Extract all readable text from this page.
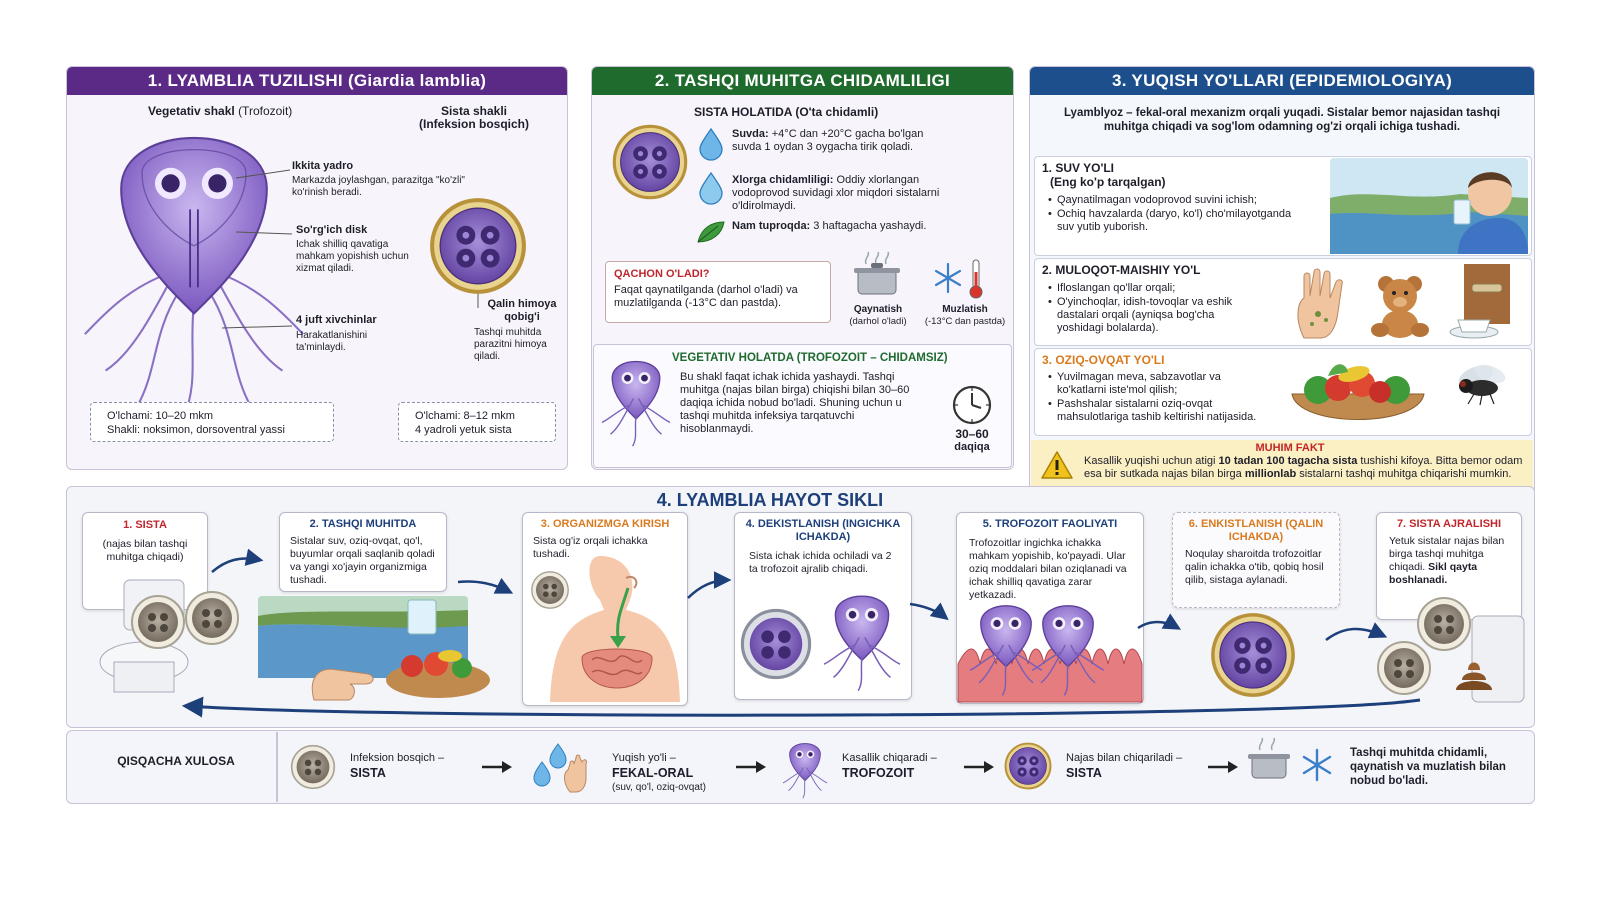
1. LYAMBLIA TUZILISHI (Giardia lamblia)
Vegetativ shakl (Trofozoit)	Sista shakli
(Infeksion bosqich)
Ikkita yadro
Markazda joylashgan, parazitga "ko'zli" ko'rinish beradi.
So'rg'ich disk
Ichak shilliq qavatiga mahkam yopishish uchun xizmat qiladi.
4 juft xivchinlar
Harakatlanishini ta'minlaydi.
Qalin himoya qobig'i
Tashqi muhitda parazitni himoya qiladi.
O'lchami: 10–20 mkm
Shakli: noksimon, dorsoventral yassi
O'lchami: 8–12 mkm
4 yadroli yetuk sista
2. TASHQI MUHITGA CHIDAMLILIGI
SISTA HOLATIDA (O'ta chidamli)
Suvda: +4°C dan +20°C gacha bo'lgan suvda 1 oydan 3 oygacha tirik qoladi.
Xlorga chidamliligi: Oddiy xlorlangan vodoprovod suvidagi xlor miqdori sistalarni o'ldirolmaydi.
Nam tuproqda: 3 haftagacha yashaydi.
QACHON O'LADI?
Faqat qaynatilganda (darhol o'ladi) va muzlatilganda (-13°C dan pastda).
Qaynatish
(darhol o'ladi)
Muzlatish
(-13°C dan pastda)
VEGETATIV HOLATDA (TROFOZOIT – CHIDAMSIZ)
Bu shakl faqat ichak ichida yashaydi. Tashqi muhitga (najas bilan birga) chiqishi bilan 30–60 daqiqa ichida nobud bo'ladi. Shuning uchun u tashqi muhitda infeksiya tarqatuvchi hisoblanmaydi.	30–60
daqiqa
3. YUQISH YO'LLARI (EPIDEMIOLOGIYA)
Lyamblyoz – fekal-oral mexanizm orqali yuqadi. Sistalar bemor najasidan tashqi muhitga chiqadi va sog'lom odamning og'zi orqali ichiga tushadi.
1. SUV YO'LI
(Eng ko'p tarqalgan)
• Qaynatilmagan vodoprovod suvini ichish;
• Ochiq havzalarda (daryo, ko'l) cho'milayotganda suv yutib yuborish.
2. MULOQOT-MAISHIY YO'L
• Ifloslangan qo'llar orqali;
• O'yinchoqlar, idish-tovoqlar va eshik dastalari orqali (ayniqsa bog'cha yoshidagi bolalarda).
3. OZIQ-OVQAT YO'LI
• Yuvilmagan meva, sabzavotlar va ko'katlarni iste'mol qilish;
• Pashshalar sistalarni oziq-ovqat mahsulotlariga tashib keltirishi natijasida.
MUHIM FAKT
Kasallik yuqishi uchun atigi 10 tadan 100 tagacha sista tushishi kifoya. Bitta bemor odam esa bir sutkada najas bilan birga millionlab sistalarni tashqi muhitga chiqarishi mumkin.
4. LYAMBLIA HAYOT SIKLI
1. SISTA
(najas bilan tashqi muhitga chiqadi)
2. TASHQI MUHITDA
Sistalar suv, oziq-ovqat, qo'l, buyumlar orqali saqlanib qoladi va yangi xo'jayin organizmiga tushadi.
3. ORGANIZMGA KIRISH
Sista og'iz orqali ichakka tushadi.
4. DEKISTLANISH (INGICHKA ICHAKDA)
Sista ichak ichida ochiladi va 2 ta trofozoit ajralib chiqadi.
5. TROFOZOIT FAOLIYATI
Trofozoitlar ingichka ichakka mahkam yopishib, ko'payadi. Ular oziq moddalari bilan oziqlanadi va ichak shilliq qavatiga zarar yetkazadi.
6. ENKISTLANISH (QALIN ICHAKDA)
Noqulay sharoitda trofozoitlar qalin ichakka o'tib, qobiq hosil qilib, sistaga aylanadi.
7. SISTA AJRALISHI
Yetuk sistalar najas bilan birga tashqi muhitga chiqadi. Sikl qayta boshlanadi.
QISQACHA XULOSA	Infeksion bosqich –
SISTA
Yuqish yo'li –
FEKAL-ORAL
(suv, qo'l, oziq-ovqat)
Kasallik chiqaradi –
TROFOZOIT
Najas bilan chiqariladi –
SISTA
Tashqi muhitda chidamli, qaynatish va muzlatish bilan nobud bo'ladi.
